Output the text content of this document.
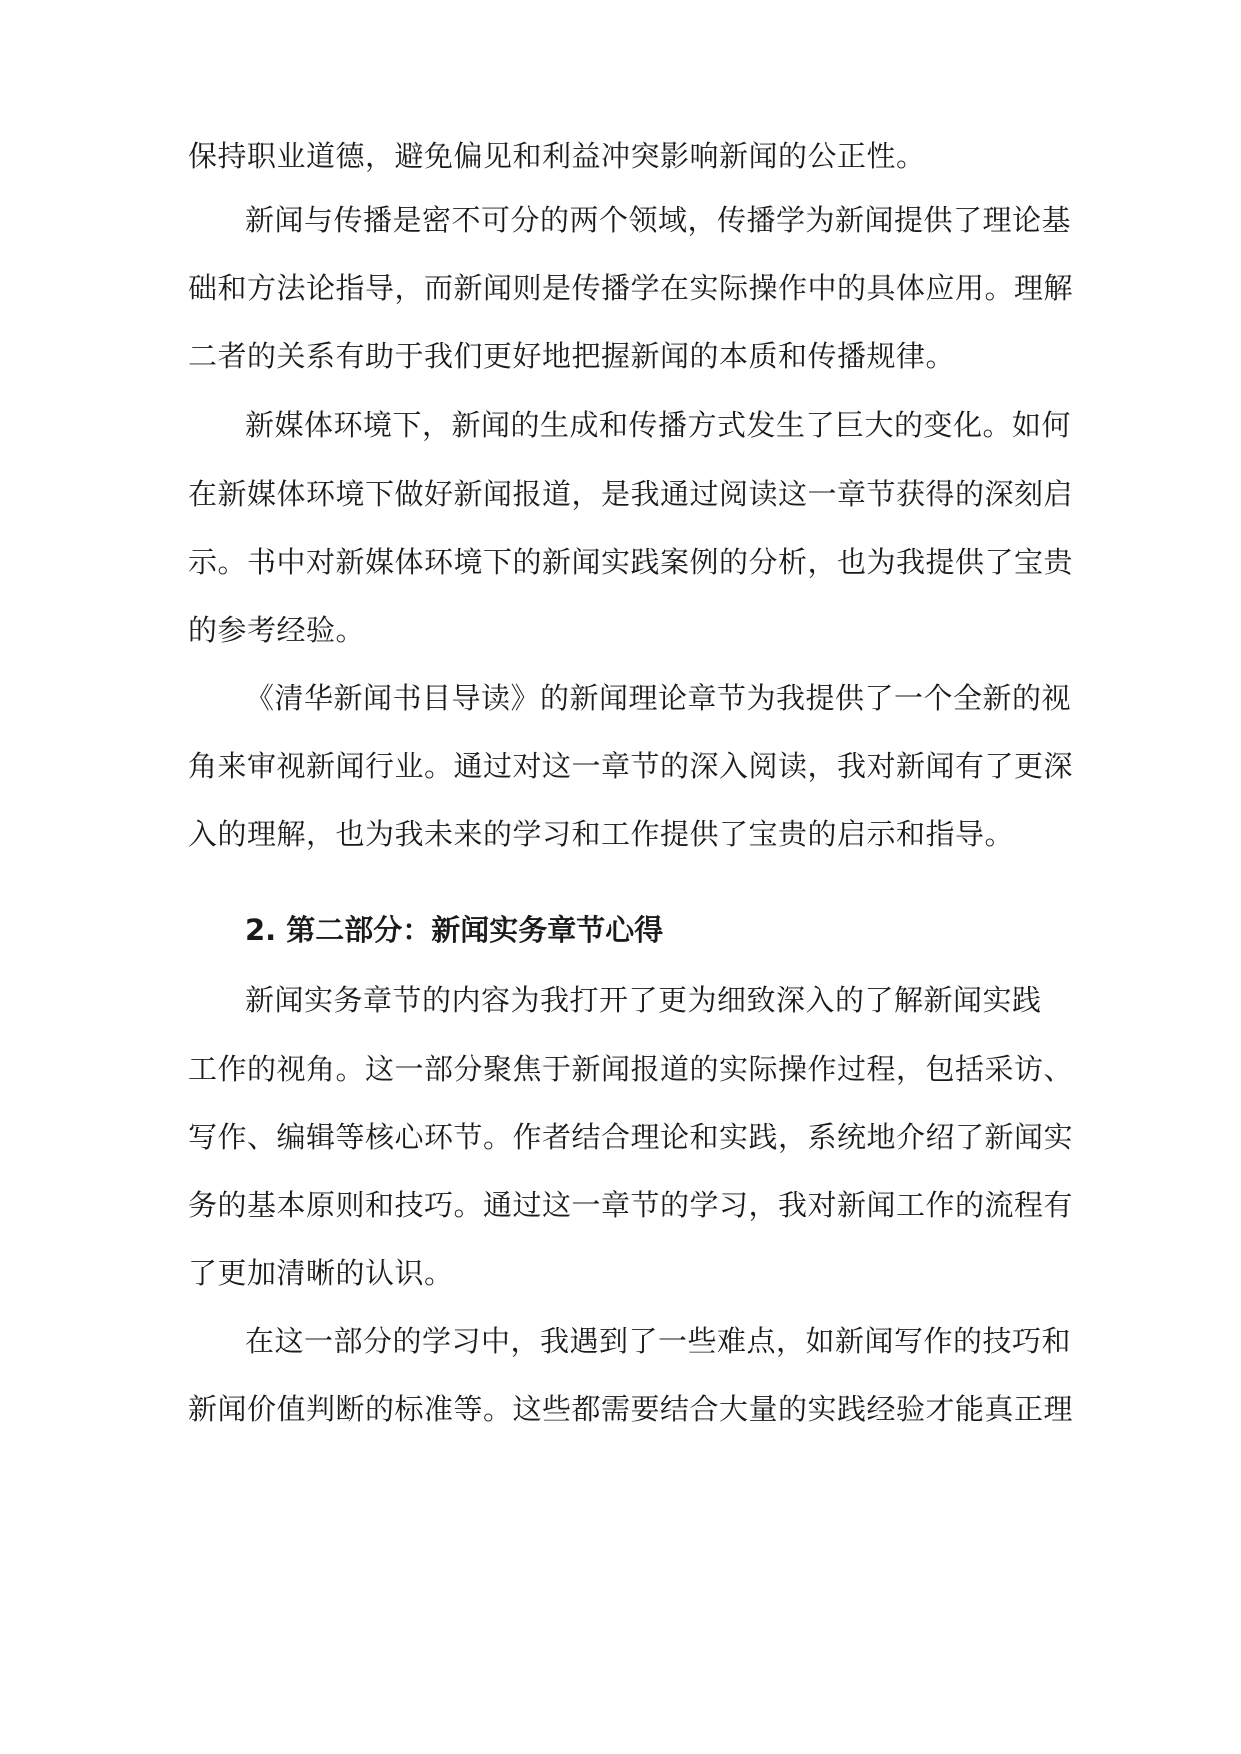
保持职业道德，避免偏见和利益冲突影响新闻的公正性。
新闻与传播是密不可分的两个领域，传播学为新闻提供了理论基
础和方法论指导，而新闻则是传播学在实际操作中的具体应用。理解
二者的关系有助于我们更好地把握新闻的本质和传播规律。
新媒体环境下，新闻的生成和传播方式发生了巨大的变化。如何
在新媒体环境下做好新闻报道，是我通过阅读这一章节获得的深刻启
示。书中对新媒体环境下的新闻实践案例的分析，也为我提供了宝贵
的参考经验。
《清华新闻书目导读》的新闻理论章节为我提供了一个全新的视
角来审视新闻行业。通过对这一章节的深入阅读，我对新闻有了更深
入的理解，也为我未来的学习和工作提供了宝贵的启示和指导。
2. 第二部分：新闻实务章节心得
新闻实务章节的内容为我打开了更为细致深入的了解新闻实践
工作的视角。这一部分聚焦于新闻报道的实际操作过程，包括采访、
写作、编辑等核心环节。作者结合理论和实践，系统地介绍了新闻实
务的基本原则和技巧。通过这一章节的学习，我对新闻工作的流程有
了更加清晰的认识。
在这一部分的学习中，我遇到了一些难点，如新闻写作的技巧和
新闻价值判断的标准等。这些都需要结合大量的实践经验才能真正理
